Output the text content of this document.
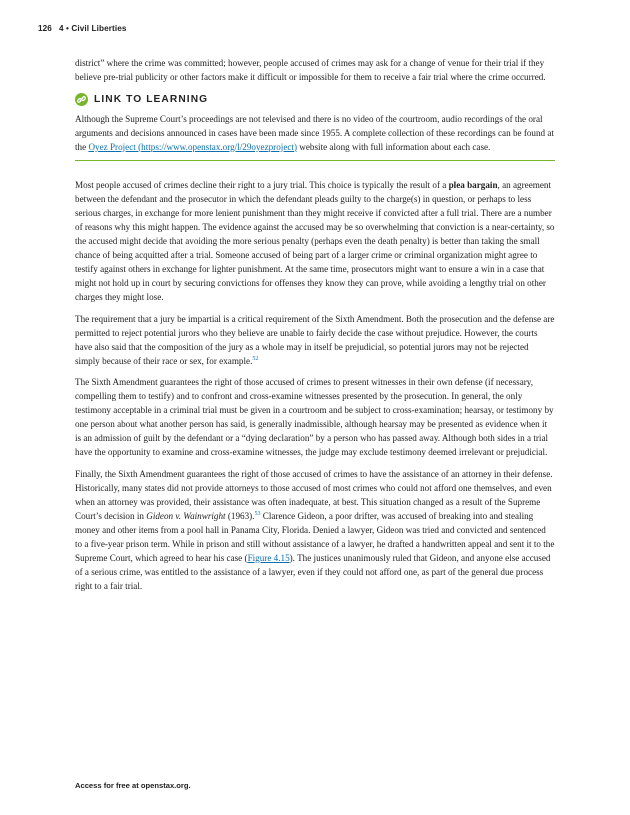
126 4 • Civil Liberties

district” where the crime was committed; however, people accused of crimes may ask for a change of venue for their trial if they believe pre-trial publicity or other factors make it difficult or impossible for them to receive a fair trial where the crime occurred.

LINK TO LEARNING

Although the Supreme Court’s proceedings are not televised and there is no video of the courtroom, audio recordings of the oral arguments and decisions announced in cases have been made since 1955. A complete collection of these recordings can be found at the Oyez Project (https://www.openstax.org/l/29oyezproject) website along with full information about each case.

Most people accused of crimes decline their right to a jury trial. This choice is typically the result of a plea bargain, an agreement between the defendant and the prosecutor in which the defendant pleads guilty to the charge(s) in question, or perhaps to less serious charges, in exchange for more lenient punishment than they might receive if convicted after a full trial. There are a number of reasons why this might happen. The evidence against the accused may be so overwhelming that conviction is a near-certainty, so the accused might decide that avoiding the more serious penalty (perhaps even the death penalty) is better than taking the small chance of being acquitted after a trial. Someone accused of being part of a larger crime or criminal organization might agree to testify against others in exchange for lighter punishment. At the same time, prosecutors might want to ensure a win in a case that might not hold up in court by securing convictions for offenses they know they can prove, while avoiding a lengthy trial on other charges they might lose.

The requirement that a jury be impartial is a critical requirement of the Sixth Amendment. Both the prosecution and the defense are permitted to reject potential jurors who they believe are unable to fairly decide the case without prejudice. However, the courts have also said that the composition of the jury as a whole may in itself be prejudicial, so potential jurors may not be rejected simply because of their race or sex, for example.$^{52}$

The Sixth Amendment guarantees the right of those accused of crimes to present witnesses in their own defense (if necessary, compelling them to testify) and to confront and cross-examine witnesses presented by the prosecution. In general, the only testimony acceptable in a criminal trial must be given in a courtroom and be subject to cross-examination; hearsay, or testimony by one person about what another person has said, is generally inadmissible, although hearsay may be presented as evidence when it is an admission of guilt by the defendant or a “dying declaration” by a person who has passed away. Although both sides in a trial have the opportunity to examine and cross-examine witnesses, the judge may exclude testimony deemed irrelevant or prejudicial.

Finally, the Sixth Amendment guarantees the right of those accused of crimes to have the assistance of an attorney in their defense. Historically, many states did not provide attorneys to those accused of most crimes who could not afford one themselves, and even when an attorney was provided, their assistance was often inadequate, at best. This situation changed as a result of the Supreme Court’s decision in Gideon v. Wainwright (1963).$^{53}$ Clarence Gideon, a poor drifter, was accused of breaking into and stealing money and other items from a pool hall in Panama City, Florida. Denied a lawyer, Gideon was tried and convicted and sentenced to a five-year prison term. While in prison and still without assistance of a lawyer, he drafted a handwritten appeal and sent it to the Supreme Court, which agreed to hear his case (Figure 4.15). The justices unanimously ruled that Gideon, and anyone else accused of a serious crime, was entitled to the assistance of a lawyer, even if they could not afford one, as part of the general due process right to a fair trial.

Access for free at openstax.org.
